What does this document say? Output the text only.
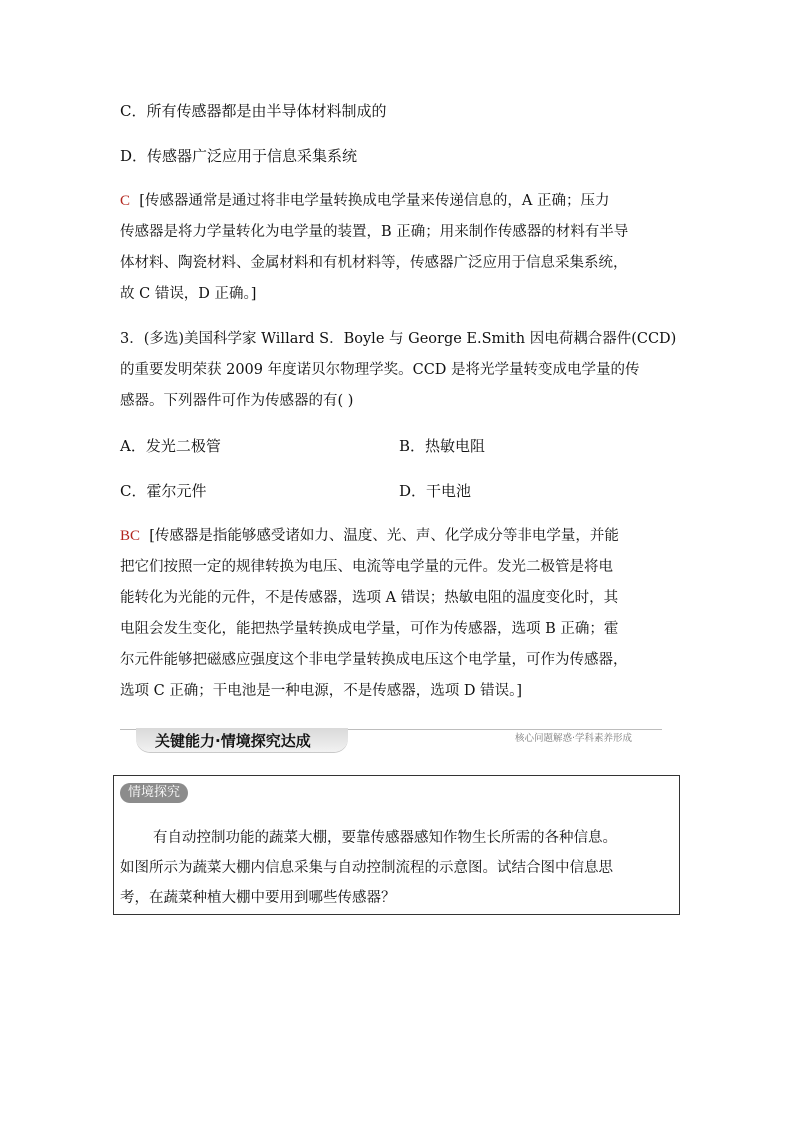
C．所有传感器都是由半导体材料制成的
D．传感器广泛应用于信息采集系统
C [传感器通常是通过将非电学量转换成电学量来传递信息的，A 正确；压力
传感器是将力学量转化为电学量的装置，B 正确；用来制作传感器的材料有半导
体材料、陶瓷材料、金属材料和有机材料等，传感器广泛应用于信息采集系统，
故 C 错误，D 正确。]
3．(多选)美国科学家 Willard S．Boyle 与 George E.Smith 因电荷耦合器件(CCD)
的重要发明荣获 2009 年度诺贝尔物理学奖。CCD 是将光学量转变成电学量的传
感器。下列器件可作为传感器的有( )
A．发光二极管	B．热敏电阻
C．霍尔元件	D．干电池
BC [传感器是指能够感受诸如力、温度、光、声、化学成分等非电学量，并能
把它们按照一定的规律转换为电压、电流等电学量的元件。发光二极管是将电
能转化为光能的元件，不是传感器，选项 A 错误；热敏电阻的温度变化时，其
电阻会发生变化，能把热学量转换成电学量，可作为传感器，选项 B 正确；霍
尔元件能够把磁感应强度这个非电学量转换成电压这个电学量，可作为传感器，
选项 C 正确；干电池是一种电源，不是传感器，选项 D 错误。]
关键能力·情境探究达成	核心问题解惑·学科素养形成
情境探究
有自动控制功能的蔬菜大棚，要靠传感器感知作物生长所需的各种信息。
如图所示为蔬菜大棚内信息采集与自动控制流程的示意图。试结合图中信息思
考，在蔬菜种植大棚中要用到哪些传感器？
